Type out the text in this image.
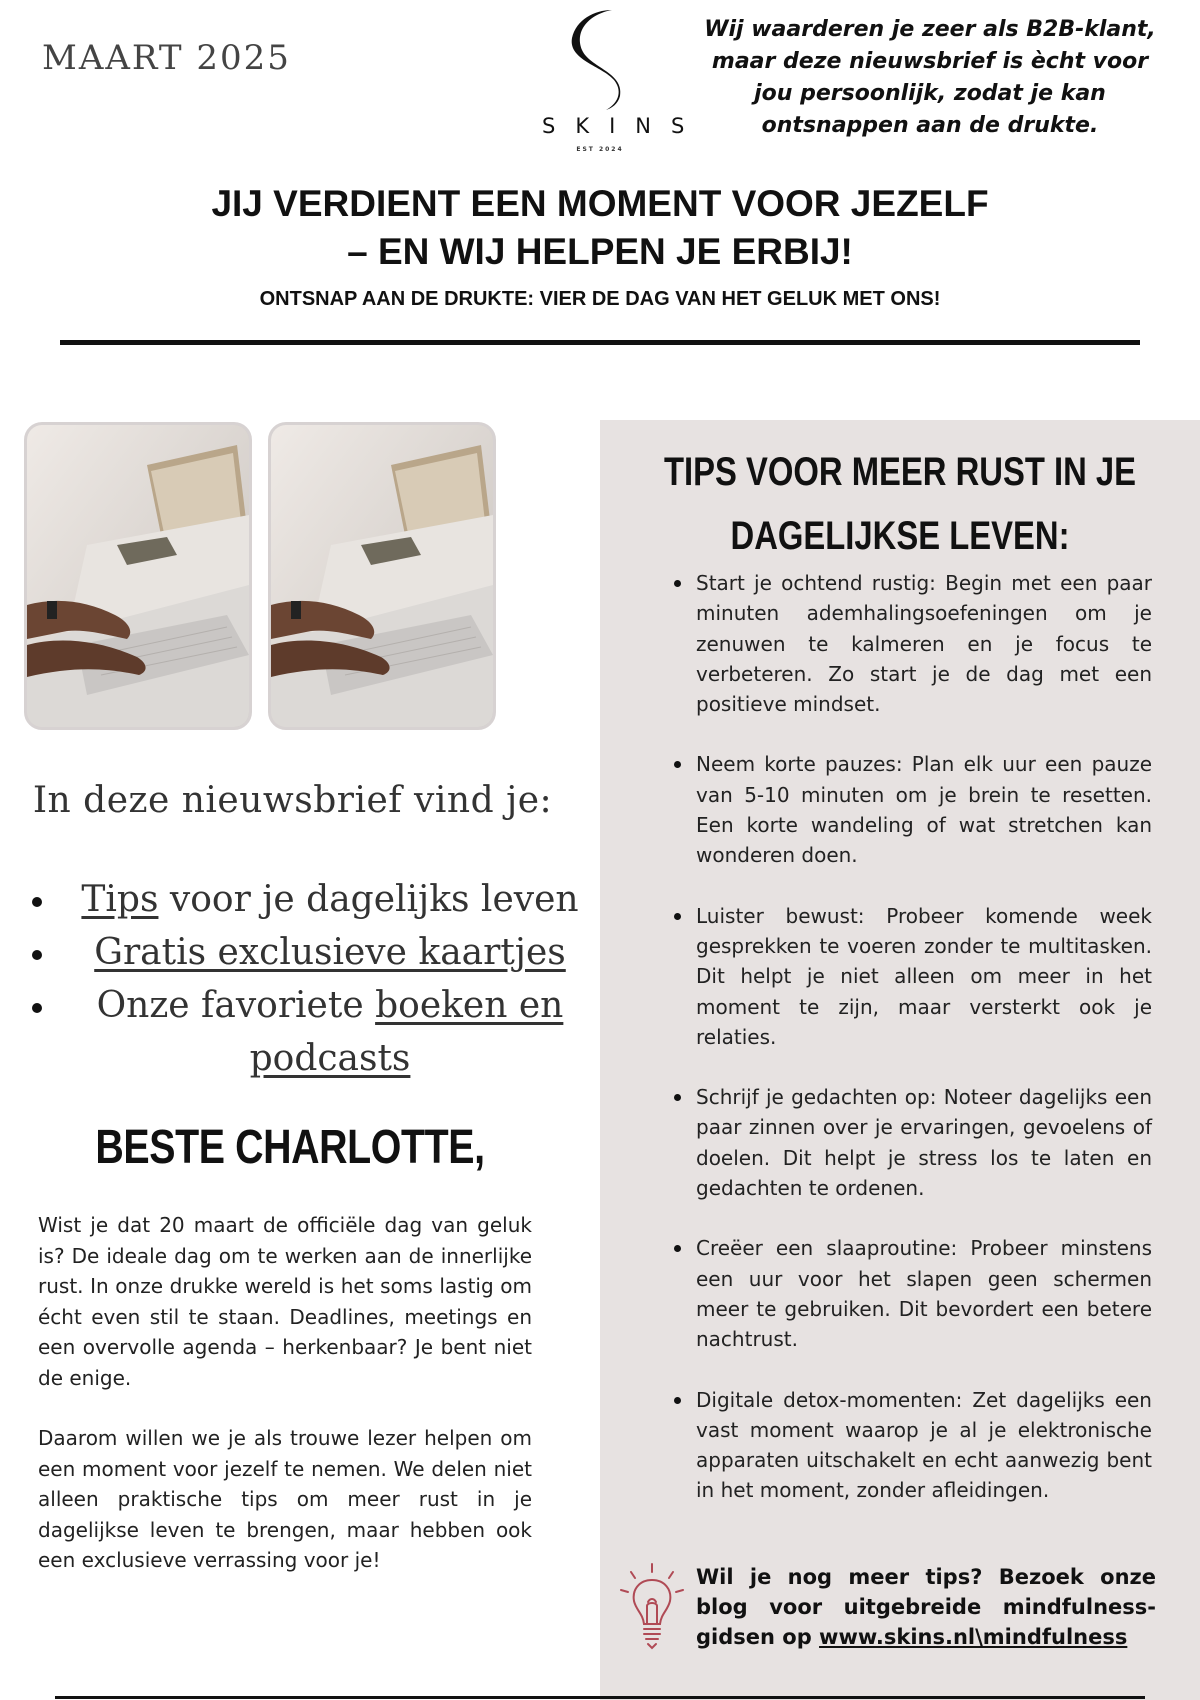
MAART 2025
SKINS
EST 2024
Wij waarderen je zeer als B2B-klant, maar deze nieuwsbrief is ècht voor jou persoonlijk, zodat je kan ontsnappen aan de drukte.
JIJ VERDIENT EEN MOMENT VOOR JEZELF
– EN WIJ HELPEN JE ERBIJ!
ONTSNAP AAN DE DRUKTE: VIER DE DAG VAN HET GELUK MET ONS!
In deze nieuwsbrief vind je:
Tips voor je dagelijks leven
Gratis exclusieve kaartjes
Onze favoriete boeken en podcasts
BESTE CHARLOTTE,

Wist je dat 20 maart de officiële dag van geluk is? De ideale dag om te werken aan de innerlijke rust. In onze drukke wereld is het soms lastig om écht even stil te staan. Deadlines, meetings en een overvolle agenda – herkenbaar? Je bent niet de enige.

Daarom willen we je als trouwe lezer helpen om een moment voor jezelf te nemen. We delen niet alleen praktische tips om meer rust in je dagelijkse leven te brengen, maar hebben ook een exclusieve verrassing voor je!

TIPS VOOR MEER RUST IN JE
DAGELIJKSE LEVEN:
Start je ochtend rustig: Begin met een paar minuten ademhalingsoefeningen om je zenuwen te kalmeren en je focus te verbeteren. Zo start je de dag met een positieve mindset.
Neem korte pauzes: Plan elk uur een pauze van 5-10 minuten om je brein te resetten. Een korte wandeling of wat stretchen kan wonderen doen.
Luister bewust: Probeer komende week gesprekken te voeren zonder te multitasken. Dit helpt je niet alleen om meer in het moment te zijn, maar versterkt ook je relaties.
Schrijf je gedachten op: Noteer dagelijks een paar zinnen over je ervaringen, gevoelens of doelen. Dit helpt je stress los te laten en gedachten te ordenen.
Creëer een slaaproutine: Probeer minstens een uur voor het slapen geen schermen meer te gebruiken. Dit bevordert een betere nachtrust.
Digitale detox-momenten: Zet dagelijks een vast moment waarop je al je elektronische apparaten uitschakelt en echt aanwezig bent in het moment, zonder afleidingen.
Wil je nog meer tips? Bezoek onze blog voor uitgebreide mindfulness-gidsen op www.skins.nl\mindfulness
